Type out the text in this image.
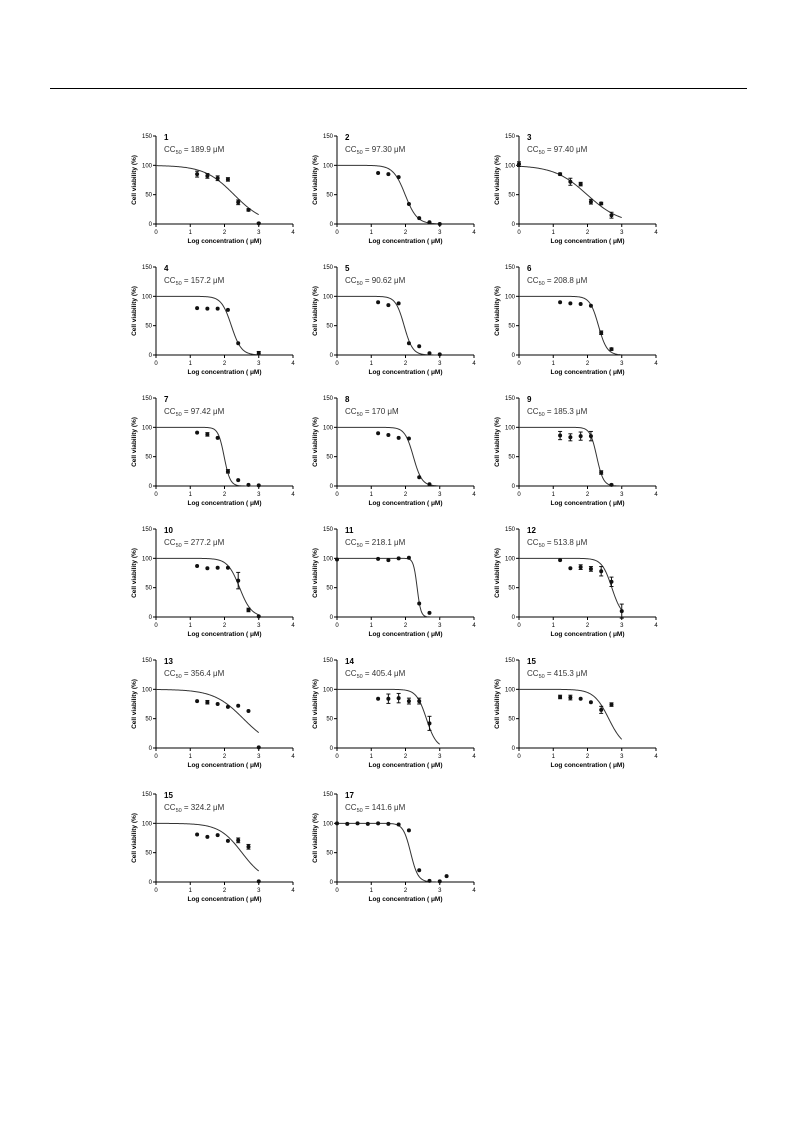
0
50
100
150
0	1	2	3	4
Log concentration ( μM)
Cell viability (%)
1
$CC_{50} = 189.9$ μM
0
50
100
150
0	1	2	3	4
Log concentration ( μM)
Cell viability (%)
2
$CC_{50} = 97.30$ μM
0
50
100
150
0	1	2	3	4
Log concentration ( μM)
Cell viability (%)
3
$CC_{50} = 97.40$ μM
0
50
100
150
0	1	2	3	4
Log concentration ( μM)
Cell viability (%)
4
$CC_{50} = 157.2$ μM
0
50
100
150
0	1	2	3	4
Log concentration ( μM)
Cell viability (%)
5
$CC_{50} = 90.62$ μM
0
50
100
150
0	1	2	3	4
Log concentration ( μM)
Cell viability (%)
6
$CC_{50} = 208.8$ μM
0
50
100
150
0	1	2	3	4
Log concentration ( μM)
Cell viability (%)
7
$CC_{50} = 97.42$ μM
0
50
100
150
0	1	2	3	4
Log concentration ( μM)
Cell viability (%)
8
$CC_{50} = 170$ μM
0
50
100
150
0	1	2	3	4
Log concentration ( μM)
Cell viability (%)
9
$CC_{50} = 185.3$ μM
0
50
100
150
0	1	2	3	4
Log concentration ( μM)
Cell viability (%)
10
$CC_{50} = 277.2$ μM
0
50
100
150
0	1	2	3	4
Log concentration ( μM)
Cell viability (%)
11
$CC_{50} = 218.1$ μM
0
50
100
150
0	1	2	3	4
Log concentration ( μM)
Cell viability (%)
12
$CC_{50} = 513.8$ μM
0
50
100
150
0	1	2	3	4
Log concentration ( μM)
Cell viability (%)
13
$CC_{50} = 356.4$ μM
0
50
100
150
0	1	2	3	4
Log concentration ( μM)
Cell viability (%)
14
$CC_{50} = 405.4$ μM
0
50
100
150
0	1	2	3	4
Log concentration ( μM)
Cell viability (%)
15
$CC_{50} = 415.3$ μM
0
50
100
150
0	1	2	3	4
Log concentration ( μM)
Cell viability (%)
15
$CC_{50} = 324.2$ μM
0
50
100
150
0	1	2	3	4
Log concentration ( μM)
Cell viability (%)
17
$CC_{50} = 141.6$ μM
